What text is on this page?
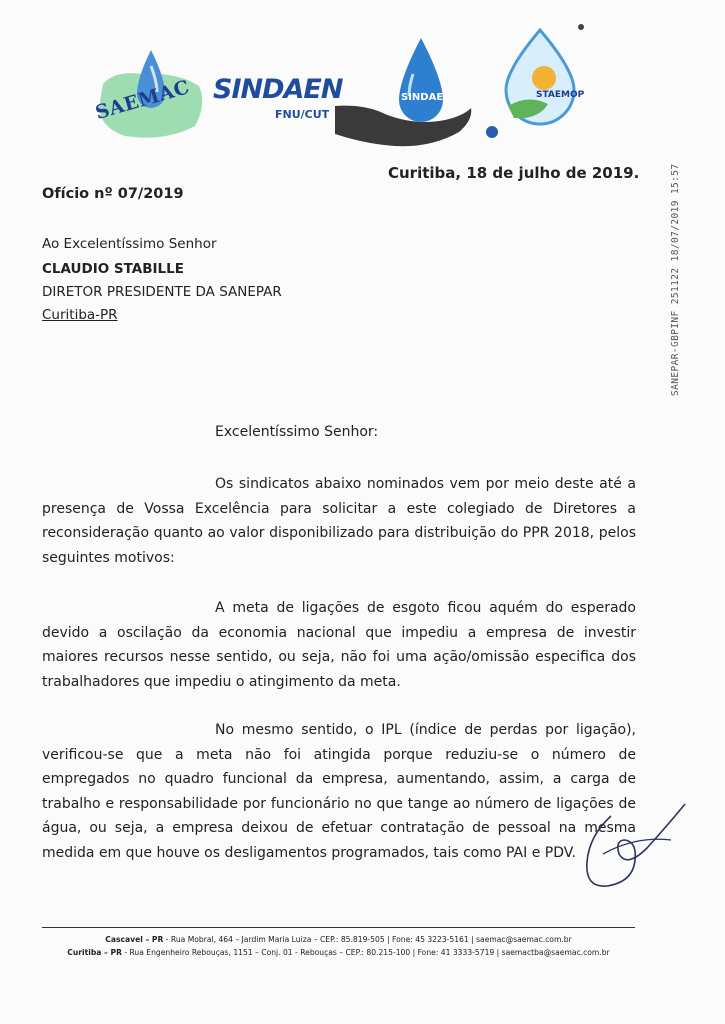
SAEMAC SINDAEN
FNU/CUT
SINDAEL	STAEMOP
Curitiba, 18 de julho de 2019.
Ofício nº 07/2019
Ao Excelentíssimo Senhor
CLAUDIO STABILLE
DIRETOR PRESIDENTE DA SANEPAR
Curitiba-PR	SANEPAR-GBPINF 251122 18/07/2019 15:57
Excelentíssimo Senhor:
Os sindicatos abaixo nominados vem por meio deste até a presença de Vossa Excelência para solicitar a este colegiado de Diretores a reconsideração quanto ao valor disponibilizado para distribuição do PPR 2018, pelos seguintes motivos:
A meta de ligações de esgoto ficou aquém do esperado devido a oscilação da economia nacional que impediu a empresa de investir maiores recursos nesse sentido, ou seja, não foi uma ação/omissão especifica dos trabalhadores que impediu o atingimento da meta.
No mesmo sentido, o IPL (índice de perdas por ligação), verificou-se que a meta não foi atingida porque reduziu-se o número de empregados no quadro funcional da empresa, aumentando, assim, a carga de trabalho e responsabilidade por funcionário no que tange ao número de ligações de água, ou seja, a empresa deixou de efetuar contratação de pessoal na mesma medida em que houve os desligamentos programados, tais como PAI e PDV.
Cascavel – PR - Rua Mobral, 464 – Jardim Maria Luiza – CEP.: 85.819-505 | Fone: 45 3223-5161 | saemac@saemac.com.br
Curitiba – PR - Rua Engenheiro Rebouças, 1151 – Conj. 01 - Rebouças – CEP.: 80.215-100 | Fone: 41 3333-5719 | saemactba@saemac.com.br
